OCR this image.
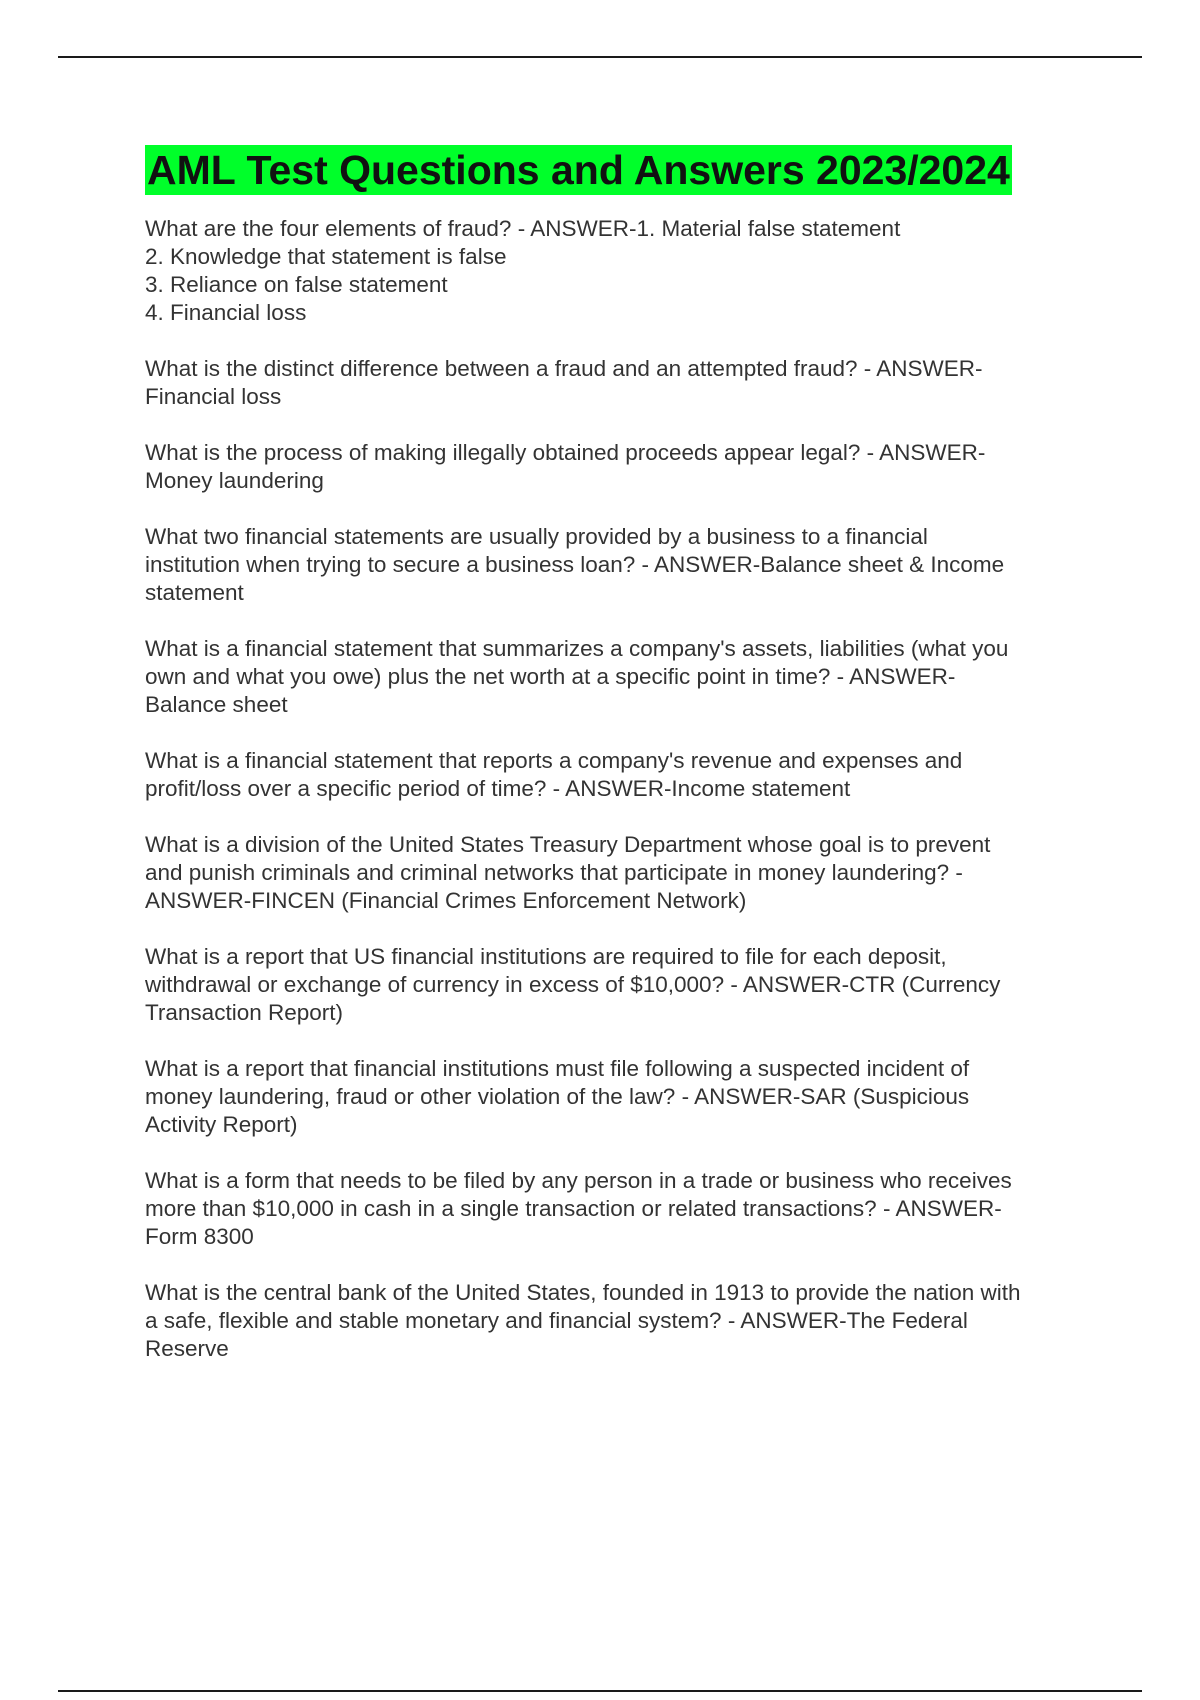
AML Test Questions and Answers 2023/2024
What are the four elements of fraud? - ANSWER-1. Material false statement
2. Knowledge that statement is false
3. Reliance on false statement
4. Financial loss
What is the distinct difference between a fraud and an attempted fraud? - ANSWER-
Financial loss
What is the process of making illegally obtained proceeds appear legal? - ANSWER-
Money laundering
What two financial statements are usually provided by a business to a financial
institution when trying to secure a business loan? - ANSWER-Balance sheet & Income
statement
What is a financial statement that summarizes a company's assets, liabilities (what you
own and what you owe) plus the net worth at a specific point in time? - ANSWER-
Balance sheet
What is a financial statement that reports a company's revenue and expenses and
profit/loss over a specific period of time? - ANSWER-Income statement
What is a division of the United States Treasury Department whose goal is to prevent
and punish criminals and criminal networks that participate in money laundering? -
ANSWER-FINCEN (Financial Crimes Enforcement Network)
What is a report that US financial institutions are required to file for each deposit,
withdrawal or exchange of currency in excess of $10,000? - ANSWER-CTR (Currency
Transaction Report)
What is a report that financial institutions must file following a suspected incident of
money laundering, fraud or other violation of the law? - ANSWER-SAR (Suspicious
Activity Report)
What is a form that needs to be filed by any person in a trade or business who receives
more than $10,000 in cash in a single transaction or related transactions? - ANSWER-
Form 8300
What is the central bank of the United States, founded in 1913 to provide the nation with
a safe, flexible and stable monetary and financial system? - ANSWER-The Federal
Reserve
